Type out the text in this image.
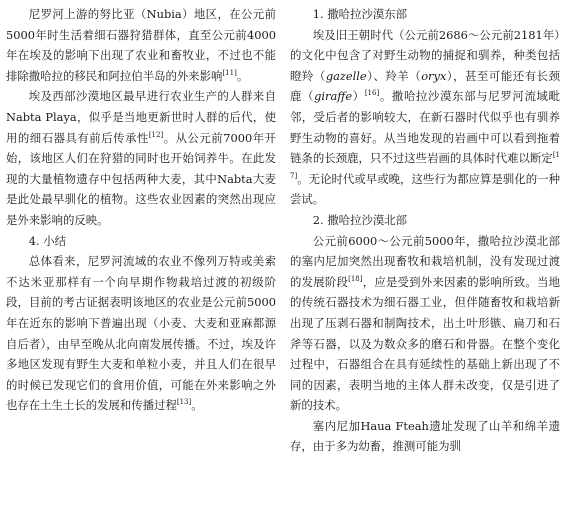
尼罗河上游的努比亚（Nubia）地区，在公元前5000年时生活着细石器狩猎群体，直至公元前4000年在埃及的影响下出现了农业和畜牧业，不过也不能排除撒哈拉的移民和阿拉伯半岛的外来影响[11]。

埃及西部沙漠地区最早进行农业生产的人群来自Nabta Playa，似乎是当地更新世时人群的后代，使用的细石器具有前后传承性[12]。从公元前7000年开始，该地区人们在狩猎的同时也开始饲养牛。在此发现的大量植物遗存中包括两种大麦，其中Nabta大麦是此处最早驯化的植物。这些农业因素的突然出现应是外来影响的反映。

4. 小结

总体看来，尼罗河流域的农业不像列万特或美索不达米亚那样有一个向早期作物栽培过渡的初级阶段，目前的考古证据表明该地区的农业是公元前5000年在近东的影响下普遍出现（小麦、大麦和亚麻都源自后者），由早至晚从北向南发展传播。不过，埃及许多地区发现有野生大麦和单粒小麦，并且人们在很早的时候已发现它们的食用价值，可能在外来影响之外也存在土生土长的发展和传播过程[13]。

1. 撒哈拉沙漠东部

埃及旧王朝时代（公元前2686～公元前2181年）的文化中包含了对野生动物的捕捉和驯养，种类包括瞪羚（gazelle）、羚羊（oryx），甚至可能还有长颈鹿（giraffe）[16]。撒哈拉沙漠东部与尼罗河流域毗邻，受后者的影响较大，在新石器时代似乎也有驯养野生动物的喜好。从当地发现的岩画中可以看到拖着链条的长颈鹿，只不过这些岩画的具体时代难以断定[17]。无论时代或早或晚，这些行为都应算是驯化的一种尝试。

2. 撒哈拉沙漠北部

公元前6000～公元前5000年，撒哈拉沙漠北部的塞内尼加突然出现畜牧和栽培机制，没有发现过渡的发展阶段[18]，应是受到外来因素的影响所致。当地的传统石器技术为细石器工业，但伴随畜牧和栽培新出现了压剥石器和制陶技术，出土叶形镞、扁刀和石斧等石器，以及为数众多的磨石和骨器。在整个变化过程中，石器组合在具有延续性的基础上新出现了不同的因素，表明当地的主体人群未改变，仅是引进了新的技术。

塞内尼加Haua Fteah遗址发现了山羊和绵羊遗存，由于多为幼畜，推测可能为驯
